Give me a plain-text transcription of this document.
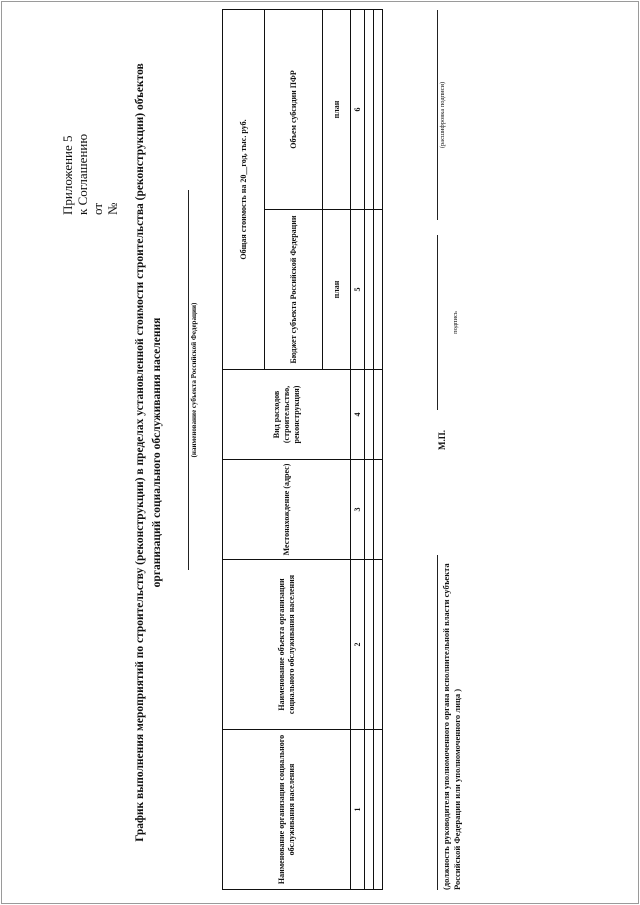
Приложение 5 к Соглашению от № График выполнения мероприятий по строительству (реконструкции) в пределах установленной стоимости строительства (реконструкции) объектов организаций социального обслуживания населения	(наименование субъекта Российской Федерации)
Наименование организации социального обслуживания населения	Наименование объекта организации социального обслуживания населения	Местонахождение (адрес)	Вид расходов (строительство, реконструкция)	Общая стоимость на 20__год, тыс. руб.	
				Бюджет субъекта Российской Федерации	Объем субсидии ПФР
				план	план
1	2	3	4	5	6

(должность руководителя уполномоченного органа исполнительной власти субъекта Российской Федерации или уполномоченного лица )
М.П.
подпись
(расшифровка подписи)
